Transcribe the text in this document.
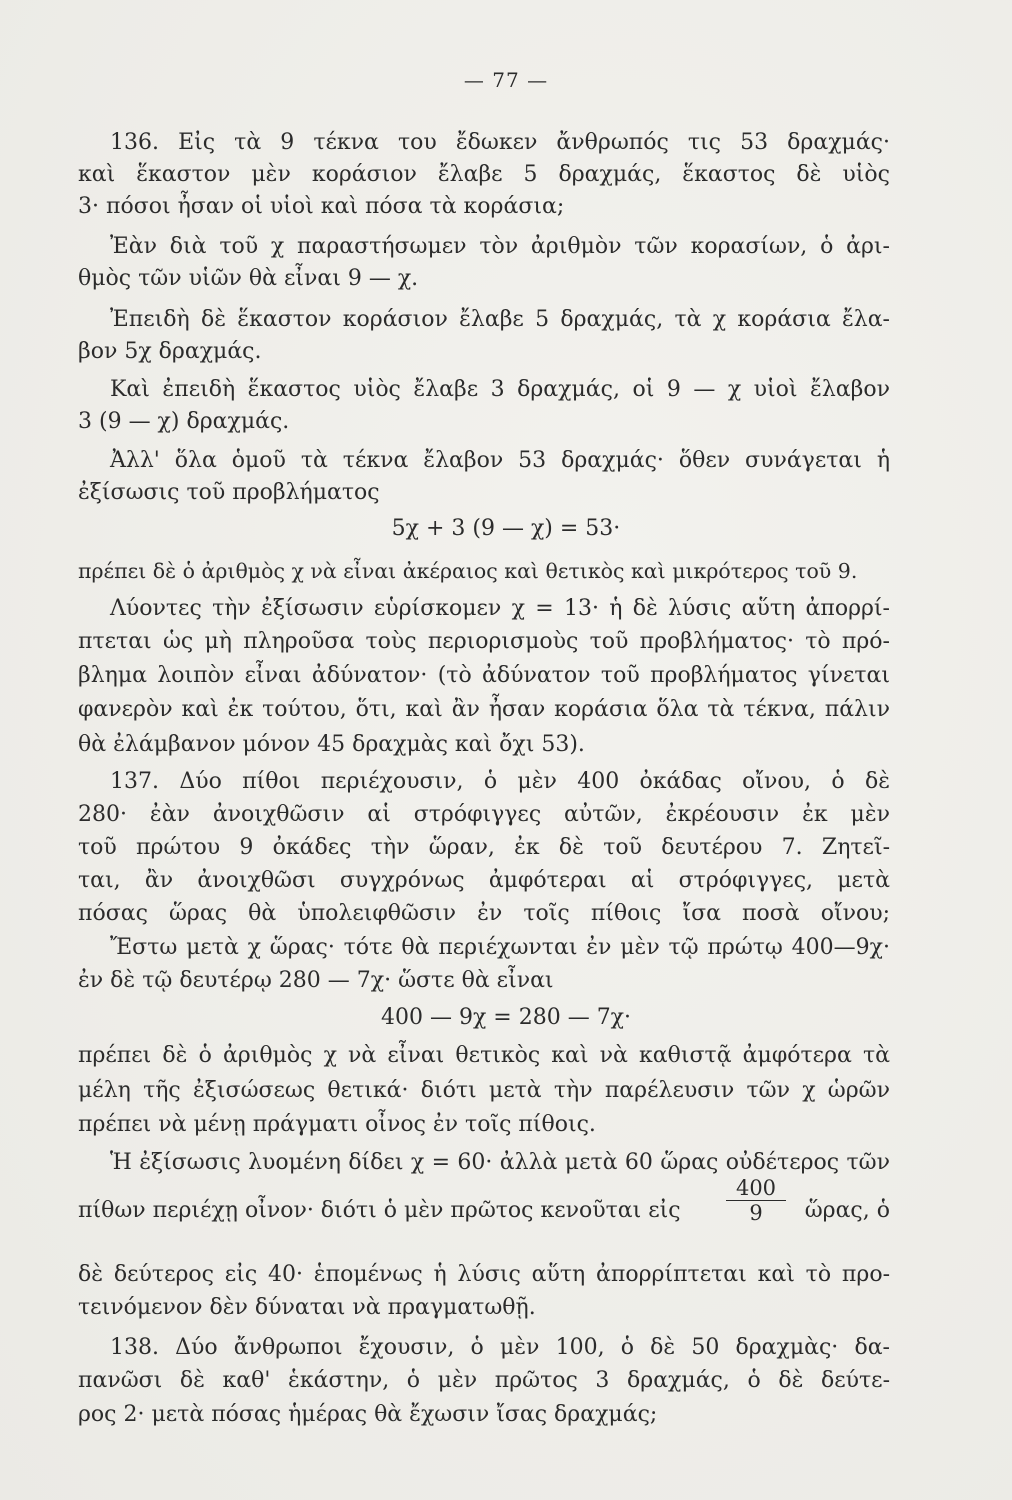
— 77 —
136. Εἰς τὰ 9 τέκνα του ἔδωκεν ἄνθρωπός τις 53 δραχμάς·
καὶ ἕκαστον μὲν κοράσιον ἔλαβε 5 δραχμάς, ἕκαστος δὲ υἱὸς
3· πόσοι ἦσαν οἱ υἱοὶ καὶ πόσα τὰ κοράσια;
Ἐὰν διὰ τοῦ χ παραστήσωμεν τὸν ἀριθμὸν τῶν κορασίων, ὁ ἀρι-
θμὸς τῶν υἱῶν θὰ εἶναι 9 — χ.
Ἐπειδὴ δὲ ἕκαστον κοράσιον ἔλαβε 5 δραχμάς, τὰ χ κοράσια ἔλα-
βον 5χ δραχμάς.
Καὶ ἐπειδὴ ἕκαστος υἱὸς ἔλαβε 3 δραχμάς, οἱ 9 — χ υἱοὶ ἔλαβον
3 (9 — χ) δραχμάς.
Ἀλλ' ὅλα ὁμοῦ τὰ τέκνα ἔλαβον 53 δραχμάς· ὅθεν συνάγεται ἡ
ἐξίσωσις τοῦ προβλήματος
5χ + 3 (9 — χ) = 53·
πρέπει δὲ ὁ ἀριθμὸς χ νὰ εἶναι ἀκέραιος καὶ θετικὸς καὶ μικρότερος τοῦ 9.
Λύοντες τὴν ἐξίσωσιν εὑρίσκομεν χ = 13· ἡ δὲ λύσις αὕτη ἀπορρί-
πτεται ὡς μὴ πληροῦσα τοὺς περιορισμοὺς τοῦ προβλήματος· τὸ πρό-
βλημα λοιπὸν εἶναι ἀδύνατον· (τὸ ἀδύνατον τοῦ προβλήματος γίνεται
φανερὸν καὶ ἐκ τούτου, ὅτι, καὶ ἂν ἦσαν κοράσια ὅλα τὰ τέκνα, πάλιν
θὰ ἐλάμβανον μόνον 45 δραχμὰς καὶ ὄχι 53).
137. Δύο πίθοι περιέχουσιν, ὁ μὲν 400 ὀκάδας οἴνου, ὁ δὲ
280· ἐὰν ἀνοιχθῶσιν αἱ στρόφιγγες αὐτῶν, ἐκρέουσιν ἐκ μὲν
τοῦ πρώτου 9 ὀκάδες τὴν ὥραν, ἐκ δὲ τοῦ δευτέρου 7. Ζητεῖ-
ται, ἂν ἀνοιχθῶσι συγχρόνως ἀμφότεραι αἱ στρόφιγγες, μετὰ
πόσας ὥρας θὰ ὑπολειφθῶσιν ἐν τοῖς πίθοις ἴσα ποσὰ οἴνου;
Ἔστω μετὰ χ ὥρας· τότε θὰ περιέχωνται ἐν μὲν τῷ πρώτῳ 400—9χ·
ἐν δὲ τῷ δευτέρῳ 280 — 7χ· ὥστε θὰ εἶναι
400 — 9χ = 280 — 7χ·
πρέπει δὲ ὁ ἀριθμὸς χ νὰ εἶναι θετικὸς καὶ νὰ καθιστᾷ ἀμφότερα τὰ
μέλη τῆς ἐξισώσεως θετικά· διότι μετὰ τὴν παρέλευσιν τῶν χ ὡρῶν
πρέπει νὰ μένῃ πράγματι οἶνος ἐν τοῖς πίθοις.
Ἡ ἐξίσωσις λυομένη δίδει χ = 60· ἀλλὰ μετὰ 60 ὥρας οὐδέτερος τῶν
πίθων περιέχῃ οἶνον· διότι ὁ μὲν πρῶτος κενοῦται εἰς	$\frac{400}{9}$ ὥρας, ὁ
δὲ δεύτερος εἰς 40· ἑπομένως ἡ λύσις αὕτη ἀπορρίπτεται καὶ τὸ προ-
τεινόμενον δὲν δύναται νὰ πραγματωθῇ.
138. Δύο ἄνθρωποι ἔχουσιν, ὁ μὲν 100, ὁ δὲ 50 δραχμὰς· δα-
πανῶσι δὲ καθ' ἑκάστην, ὁ μὲν πρῶτος 3 δραχμάς, ὁ δὲ δεύτε-
ρος 2· μετὰ πόσας ἡμέρας θὰ ἔχωσιν ἴσας δραχμάς;
